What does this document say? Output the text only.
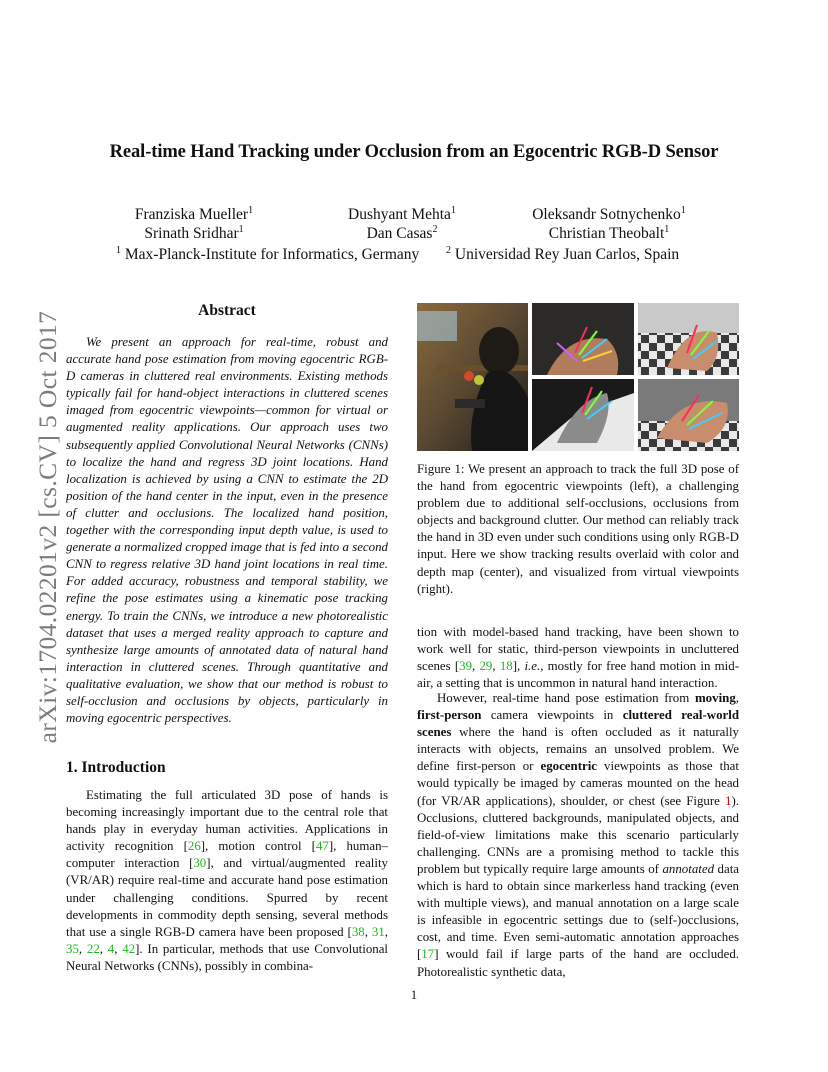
arXiv:1704.02201v2 [cs.CV] 5 Oct 2017
Real-time Hand Tracking under Occlusion from an Egocentric RGB-D Sensor
Franziska Mueller$^1$	Dushyant Mehta$^1$	Oleksandr Sotnychenko$^1$
Srinath Sridhar$^1$	Dan Casas$^2$	Christian Theobalt$^1$
$^1$ Max-Planck-Institute for Informatics, Germany	$^2$ Universidad Rey Juan Carlos, Spain
Abstract

We present an approach for real-time, robust and accurate hand pose estimation from moving egocentric RGB-D cameras in cluttered real environments. Existing methods typically fail for hand-object interactions in cluttered scenes imaged from egocentric viewpoints—common for virtual or augmented reality applications. Our approach uses two subsequently applied Convolutional Neural Networks (CNNs) to localize the hand and regress 3D joint locations. Hand localization is achieved by using a CNN to estimate the 2D position of the hand center in the input, even in the presence of clutter and occlusions. The localized hand position, together with the corresponding input depth value, is used to generate a normalized cropped image that is fed into a second CNN to regress relative 3D hand joint locations in real time. For added accuracy, robustness and temporal stability, we refine the pose estimates using a kinematic pose tracking energy. To train the CNNs, we introduce a new photorealistic dataset that uses a merged reality approach to capture and synthesize large amounts of annotated data of natural hand interaction in cluttered scenes. Through quantitative and qualitative evaluation, we show that our method is robust to self-occlusion and occlusions by objects, particularly in moving egocentric perspectives.

1. Introduction

Estimating the full articulated 3D pose of hands is becoming increasingly important due to the central role that hands play in everyday human activities. Applications in activity recognition [26], motion control [47], human–computer interaction [30], and virtual/augmented reality (VR/AR) require real-time and accurate hand pose estimation under challenging conditions. Spurred by recent developments in commodity depth sensing, several methods that use a single RGB-D camera have been proposed [38, 31, 35, 22, 4, 42]. In particular, methods that use Convolutional Neural Networks (CNNs), possibly in combina-

Figure 1: We present an approach to track the full 3D pose of the hand from egocentric viewpoints (left), a challenging problem due to additional self-occlusions, occlusions from objects and background clutter. Our method can reliably track the hand in 3D even under such conditions using only RGB-D input. Here we show tracking results overlaid with color and depth map (center), and visualized from virtual viewpoints (right).

tion with model-based hand tracking, have been shown to work well for static, third-person viewpoints in uncluttered scenes [39, 29, 18], i.e., mostly for free hand motion in mid-air, a setting that is uncommon in natural hand interaction.

However, real-time hand pose estimation from moving, first-person camera viewpoints in cluttered real-world scenes where the hand is often occluded as it naturally interacts with objects, remains an unsolved problem. We define first-person or egocentric viewpoints as those that would typically be imaged by cameras mounted on the head (for VR/AR applications), shoulder, or chest (see Figure 1). Occlusions, cluttered backgrounds, manipulated objects, and field-of-view limitations make this scenario particularly challenging. CNNs are a promising method to tackle this problem but typically require large amounts of annotated data which is hard to obtain since markerless hand tracking (even with multiple views), and manual annotation on a large scale is infeasible in egocentric settings due to (self-)occlusions, cost, and time. Even semi-automatic annotation approaches [17] would fail if large parts of the hand are occluded. Photorealistic synthetic data,

1
